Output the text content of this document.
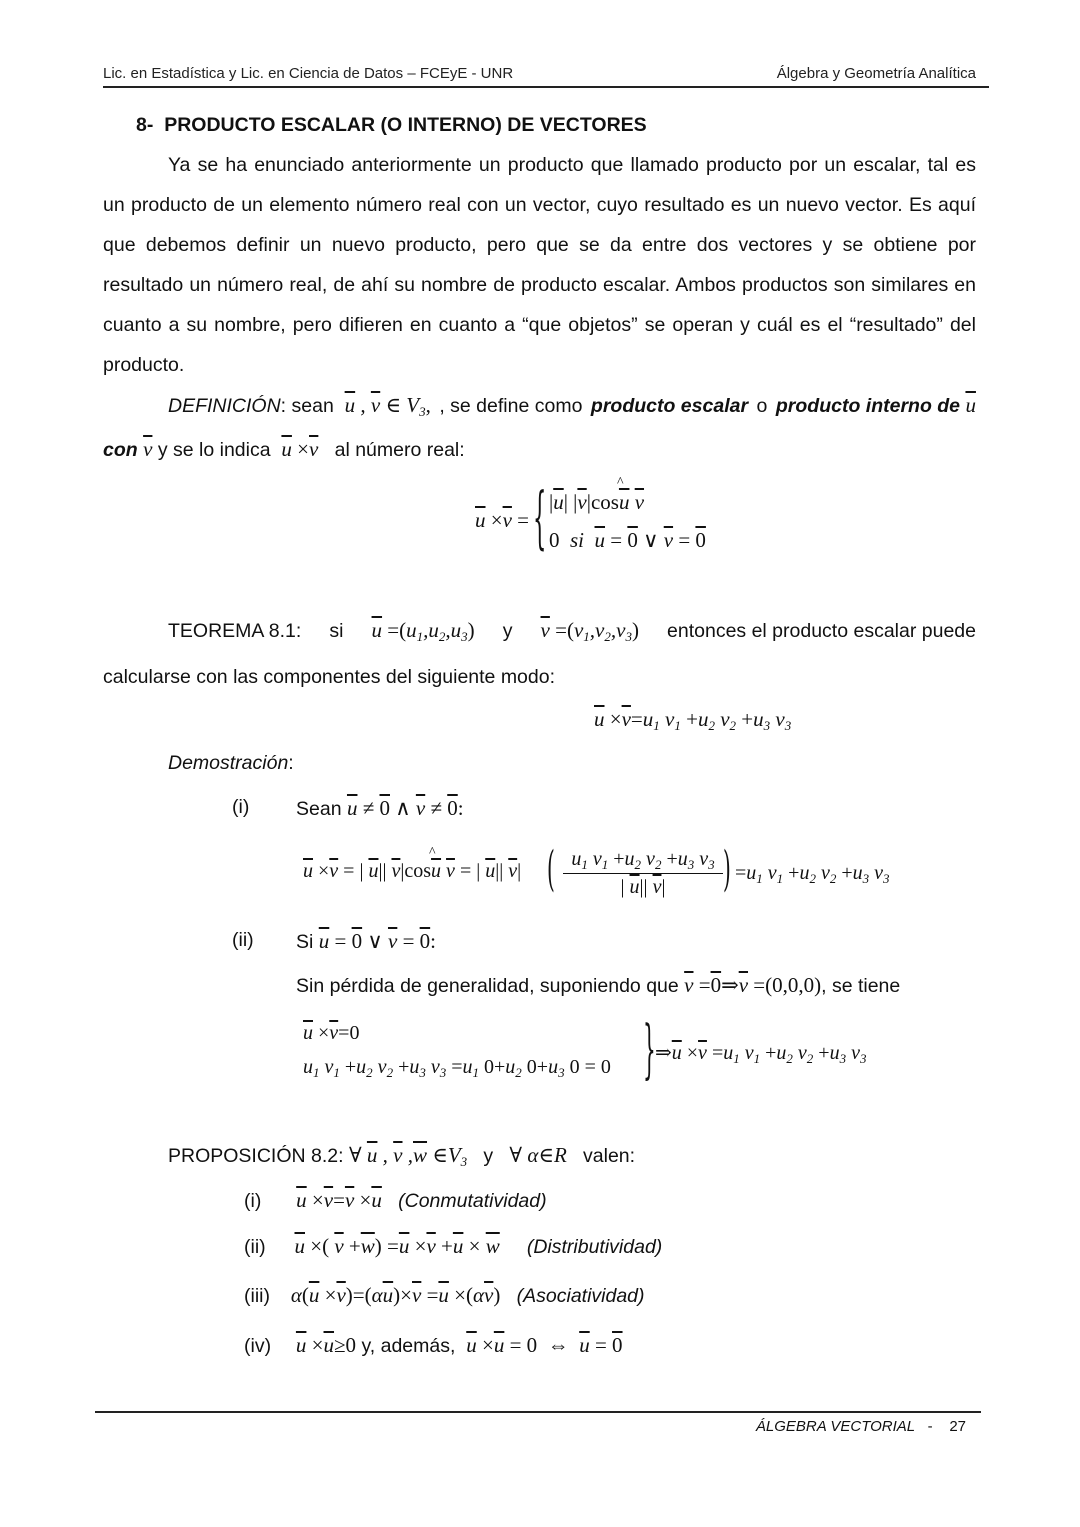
Lic. en Estadística y Lic. en Ciencia de Datos – FCEyE - UNR	Álgebra y Geometría Analítica
8- PRODUCTO ESCALAR (O INTERNO) DE VECTORES

Ya se ha enunciado anteriormente un producto que llamado producto por un escalar, tal es un producto de un elemento número real con un vector, cuyo resultado es un nuevo vector. Es aquí que debemos definir un nuevo producto, pero que se da entre dos vectores y se obtiene por resultado un número real, de ahí su nombre de producto escalar. Ambos productos son similares en cuanto a su nombre, pero difieren en cuanto a “que objetos” se operan y cuál es el “resultado” del producto.

DEFINICIÓN: sean $\overline{u}$ , $\overline{v}$ ∈ $V_3$, , se define como producto escalar o producto interno de $\overline{u}$
con $\overline{v}$ y se lo indica $\overline{u} \times\overline{v}$ al número real:
$\overline{u} \times\overline{v}$ = { $|\overline{u}|$ $|\overline{v}|\cos\^{}$ $\overline{u}$ $\overline{v}$
0 si $\overline{u} = 0$ ∨ $\overline{v} = 0$
TEOREMA 8.1: si $\overline{u} =(u_1,u_2,u_3)$ y $\overline{v} =(v_1,v_2,v_3)$ entonces el producto escalar puede
calcularse con las componentes del siguiente modo:
$\overline{u} \times\overline{v}=u_1$ $v_1 +u_2$ $v_2 +u_3$ $v_3$
Demostración:
(i) Sean $\overline{u} \ne 0$ ∧ $\overline{v} \ne 0$:
$\overline{u} \times\overline{v}$ = | $\overline{u}||$ $\overline{v}|\cos\^{}$ $\overline{u}$ $\overline{v}$ = | $\overline{u}||$ $\overline{v}|$ ( $u_1$ $v_1 +u_2$ $v_2 +u_3$ $v_3$
| $\overline{u}||$ $\overline{v}|$	) $=u_1$ $v_1 +u_2$ $v_2 +u_3$ $v_3$
(ii) Si $\overline{u} = 0$ ∨ $\overline{v} = 0$:
Sin pérdida de generalidad, suponiendo que $\overline{v}$ $=0\Rightarrow\overline{v} =(0,0,0)$, se tiene
$\overline{u} \times\overline{v}=0$
$u_1$ $v_1 +u_2$ $v_2 +u_3$ $v_3 =u_1$ $0+u_2$ $0+u_3$ 0 = 0 } $\Rightarrow\overline{u} \times\overline{v} =u_1$ $v_1 +u_2$ $v_2 +u_3$ $v_3$
PROPOSICIÓN 8.2: ∀ $\overline{u}$ , $\overline{v}$ $,\overline{w}$ $\in V_3$ y ∀ α∈R valen:
(i) $\overline{u} \times\overline{v}=\overline{v} \times\overline{u}$ (Conmutatividad)
(ii) $\overline{u}$ ×( $\overline{v} +\overline{w}) =\overline{u} \times\overline{v} +\overline{u} \times \overline{w}$ (Distributividad)
(iii) $\alpha(\overline{u} \times\overline{v})=(\alpha\overline{u})\times\overline{v} =\overline{u} \times(\alpha\overline{v})$ (Asociatividad)
(iv) $\overline{u} \times\overline{u}\ge 0$ y, además, $\overline{u} \times\overline{u} = 0$  ⇔  $\overline{u} = 0$
ÁLGEBRA VECTORIAL - 27
